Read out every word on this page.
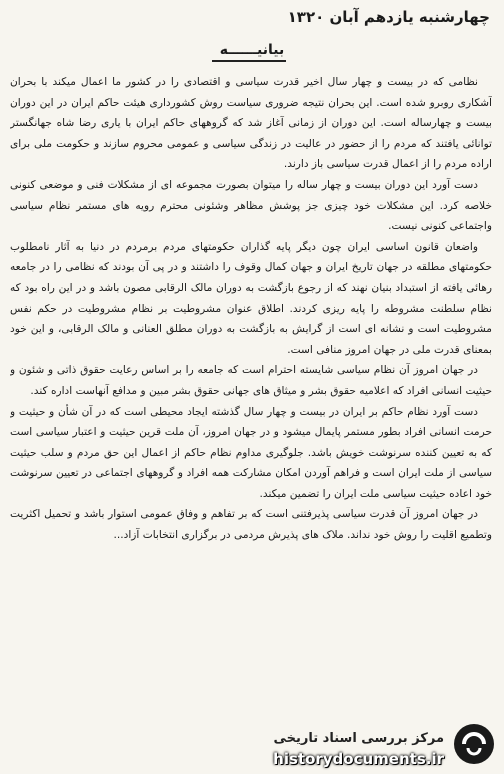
چهارشنبه یازدهم آبان ۱۳۲۰
بیانیــــــه

نظامی که در بیست و چهار سال اخیر قدرت سیاسی و اقتصادی را در کشور ما اعمال میکند با بحران آشکاری روبرو شده است. این بحران نتیجه ضروری سیاست روش کشورداری هیئت حاکم ایران در این دوران بیست و چهارساله است. این دوران از زمانی آغاز شد که گروههای حاکم ایران با یاری رضا شاه جهانگستر توانائی یافتند که مردم را از حضور در عالیت در زندگی سیاسی و عمومی محروم سازند و حکومت ملی برای اراده مردم را از اعمال قدرت سیاسی باز دارند.

دست آورد این دوران بیست و چهار ساله را میتوان بصورت مجموعه ای از مشکلات فنی و موضعی کنونی خلاصه کرد. این مشکلات خود چیزی جز پوشش مظاهر وشئونی محترم رویه های مستمر نظام سیاسی واجتماعی کنونی نیست.

واضعان قانون اساسی ایران چون دیگر پایه گذاران حکومتهای مردم برمردم در دنیا به آثار نامطلوب حکومتهای مطلقه در جهان تاریخ ایران و جهان کمال وقوف را داشتند و در پی آن بودند که نظامی را در جامعه رهائی یافته از استبداد بنیان نهند که از رجوع بازگشت به دوران مالک الرقابی مصون باشد و در این راه بود که نظام سلطنت مشروطه را پایه ریزی کردند. اطلاق عنوان مشروطیت بر نظام مشروطیت در حکم نفس مشروطیت است و نشانه ای است از گرایش به بازگشت به دوران مطلق العنانی و مالک الرقابی، و این خود بمعنای قدرت ملی در جهان امروز منافی است.

در جهان امروز آن نظام سیاسی شایسته احترام است که جامعه را بر اساس رعایت حقوق ذاتی و شئون و حیثیت انسانی افراد که اعلامیه حقوق بشر و میثاق های جهانی حقوق بشر مبین و مدافع آنهاست اداره کند.

دست آورد نظام حاکم بر ایران در بیست و چهار سال گذشته ایجاد محیطی است که در آن شأن و حیثیت و حرمت انسانی افراد بطور مستمر پایمال میشود و در جهان امروز، آن ملت قرین حیثیت و اعتبار سیاسی است که به تعیین کننده سرنوشت خویش باشد. جلوگیری مداوم نظام حاکم از اعمال این حق مردم و سلب حیثیت سیاسی از ملت ایران است و فراهم آوردن امکان مشارکت همه افراد و گروههای اجتماعی در تعیین سرنوشت خود اعاده حیثیت سیاسی ملت ایران را تضمین میکند.

در جهان امروز آن قدرت سیاسی پذیرفتنی است که بر تفاهم و وفاق عمومی استوار باشد و تحمیل اکثریت وتطمیع اقلیت را روش خود نداند. ملاک های پذیرش مردمی در برگزاری انتخابات آزاد...

مرکز بررسی اسناد تاریخی
historydocuments.ir
